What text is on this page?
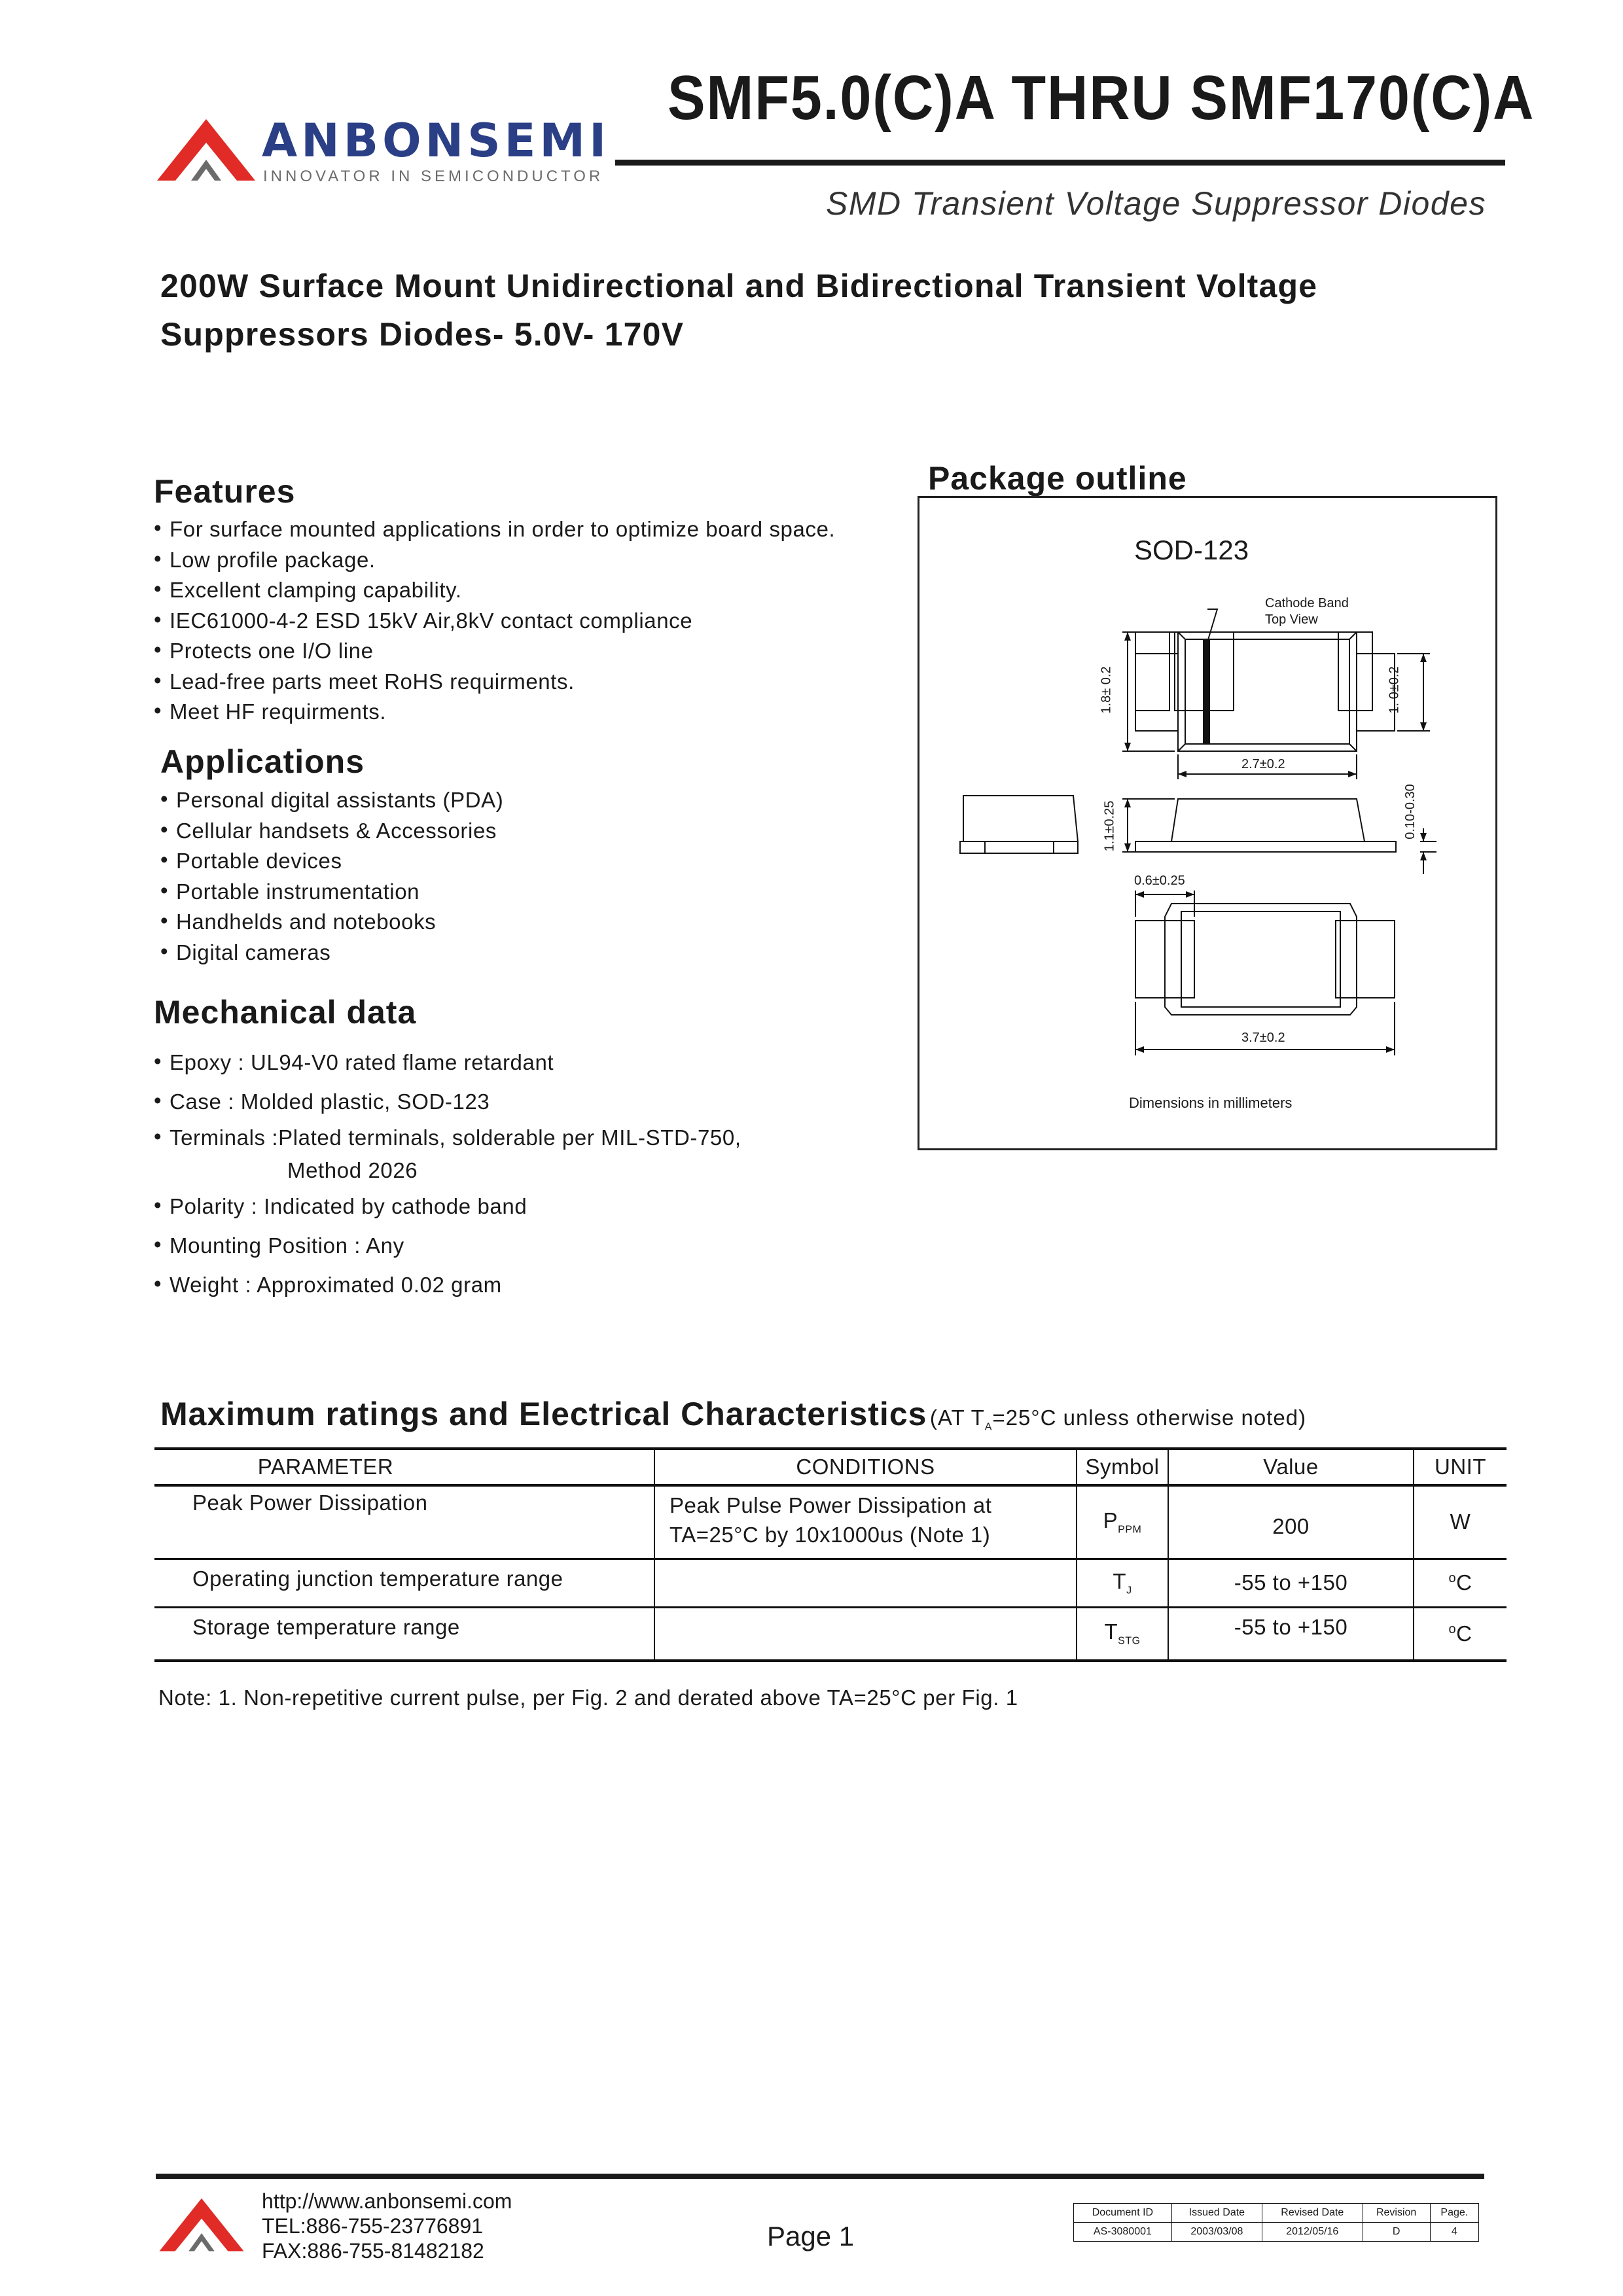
ANBONSEMI
INNOVATOR IN SEMICONDUCTOR
SMF5.0(C)A THRU SMF170(C)A
SMD Transient Voltage Suppressor Diodes
200W Surface Mount Unidirectional and Bidirectional Transient Voltage
Suppressors Diodes- 5.0V- 170V
Features
• For surface mounted applications in order to optimize board space.
• Low profile package.
• Excellent clamping capability.
• IEC61000-4-2 ESD 15kV Air,8kV contact compliance
• Protects one I/O line
• Lead-free parts meet RoHS requirments.
• Meet HF requirments.
Applications
• Personal digital assistants (PDA)
• Cellular handsets & Accessories
• Portable devices
• Portable instrumentation
• Handhelds and notebooks
• Digital cameras
Mechanical data
• Epoxy : UL94-V0 rated flame retardant
• Case : Molded plastic, SOD-123
• Terminals :Plated terminals, solderable per MIL-STD-750,
Method 2026
• Polarity : Indicated by cathode band
• Mounting Position : Any
• Weight : Approximated 0.02 gram
Package outline
SOD-123
Cathode Band
Top View
1.8± 0.2	1. 0±0.2
2.7±0.2
1.1±0.25	0.10-0.30
0.6±0.25
3.7±0.2
Dimensions in millimeters
Maximum ratings and Electrical Characteristics (AT $T_A=25^\circ C$ unless otherwise noted)
PARAMETER	CONDITIONS	Symbol	Value	UNIT
Peak Power Dissipation	Peak Pulse Power Dissipation at
TA=25°C by 10x1000us (Note 1)	$P_{PPM}$	200	W
Operating junction temperature range		$T_J$	-55 to +150	$^o$C
Storage temperature range		$T_{STG}$	-55 to +150	$^o$C
Note: 1. Non-repetitive current pulse, per Fig. 2 and derated above TA=25°C per Fig. 1
http://www.anbonsemi.com
TEL:886-755-23776891
FAX:886-755-81482182	Page 1
Document ID	Issued Date	Revised Date	Revision	Page.
AS-3080001	2003/03/08	2012/05/16	D	4
